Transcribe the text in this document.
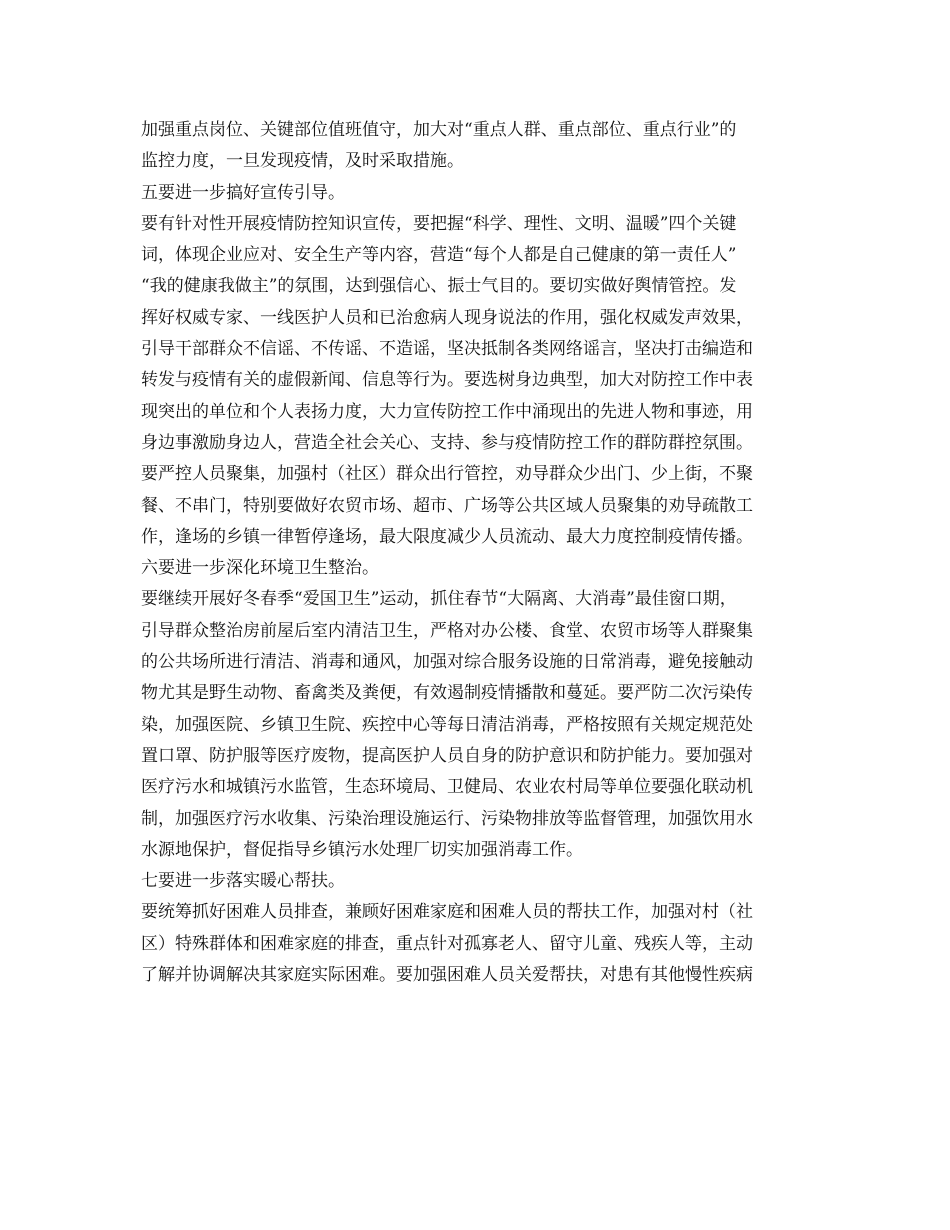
加强重点岗位、关键部位值班值守，加大对“重点人群、重点部位、重点行业”的
监控力度，一旦发现疫情，及时采取措施。
五要进一步搞好宣传引导。
要有针对性开展疫情防控知识宣传，要把握“科学、理性、文明、温暖”四个关键
词，体现企业应对、安全生产等内容，营造“每个人都是自己健康的第一责任人”
“我的健康我做主”的氛围，达到强信心、振士气目的。要切实做好舆情管控。发
挥好权威专家、一线医护人员和已治愈病人现身说法的作用，强化权威发声效果，
引导干部群众不信谣、不传谣、不造谣，坚决抵制各类网络谣言，坚决打击编造和
转发与疫情有关的虚假新闻、信息等行为。要选树身边典型，加大对防控工作中表
现突出的单位和个人表扬力度，大力宣传防控工作中涌现出的先进人物和事迹，用
身边事激励身边人，营造全社会关心、支持、参与疫情防控工作的群防群控氛围。
要严控人员聚集，加强村（社区）群众出行管控，劝导群众少出门、少上街，不聚
餐、不串门，特别要做好农贸市场、超市、广场等公共区域人员聚集的劝导疏散工
作，逢场的乡镇一律暂停逢场，最大限度减少人员流动、最大力度控制疫情传播。
六要进一步深化环境卫生整治。
要继续开展好冬春季“爱国卫生”运动，抓住春节“大隔离、大消毒”最佳窗口期，
引导群众整治房前屋后室内清洁卫生，严格对办公楼、食堂、农贸市场等人群聚集
的公共场所进行清洁、消毒和通风，加强对综合服务设施的日常消毒，避免接触动
物尤其是野生动物、畜禽类及粪便，有效遏制疫情播散和蔓延。要严防二次污染传
染，加强医院、乡镇卫生院、疾控中心等每日清洁消毒，严格按照有关规定规范处
置口罩、防护服等医疗废物，提高医护人员自身的防护意识和防护能力。要加强对
医疗污水和城镇污水监管，生态环境局、卫健局、农业农村局等单位要强化联动机
制，加强医疗污水收集、污染治理设施运行、污染物排放等监督管理，加强饮用水
水源地保护，督促指导乡镇污水处理厂切实加强消毒工作。
七要进一步落实暖心帮扶。
要统筹抓好困难人员排查，兼顾好困难家庭和困难人员的帮扶工作，加强对村（社
区）特殊群体和困难家庭的排查，重点针对孤寡老人、留守儿童、残疾人等，主动
了解并协调解决其家庭实际困难。要加强困难人员关爱帮扶，对患有其他慢性疾病
